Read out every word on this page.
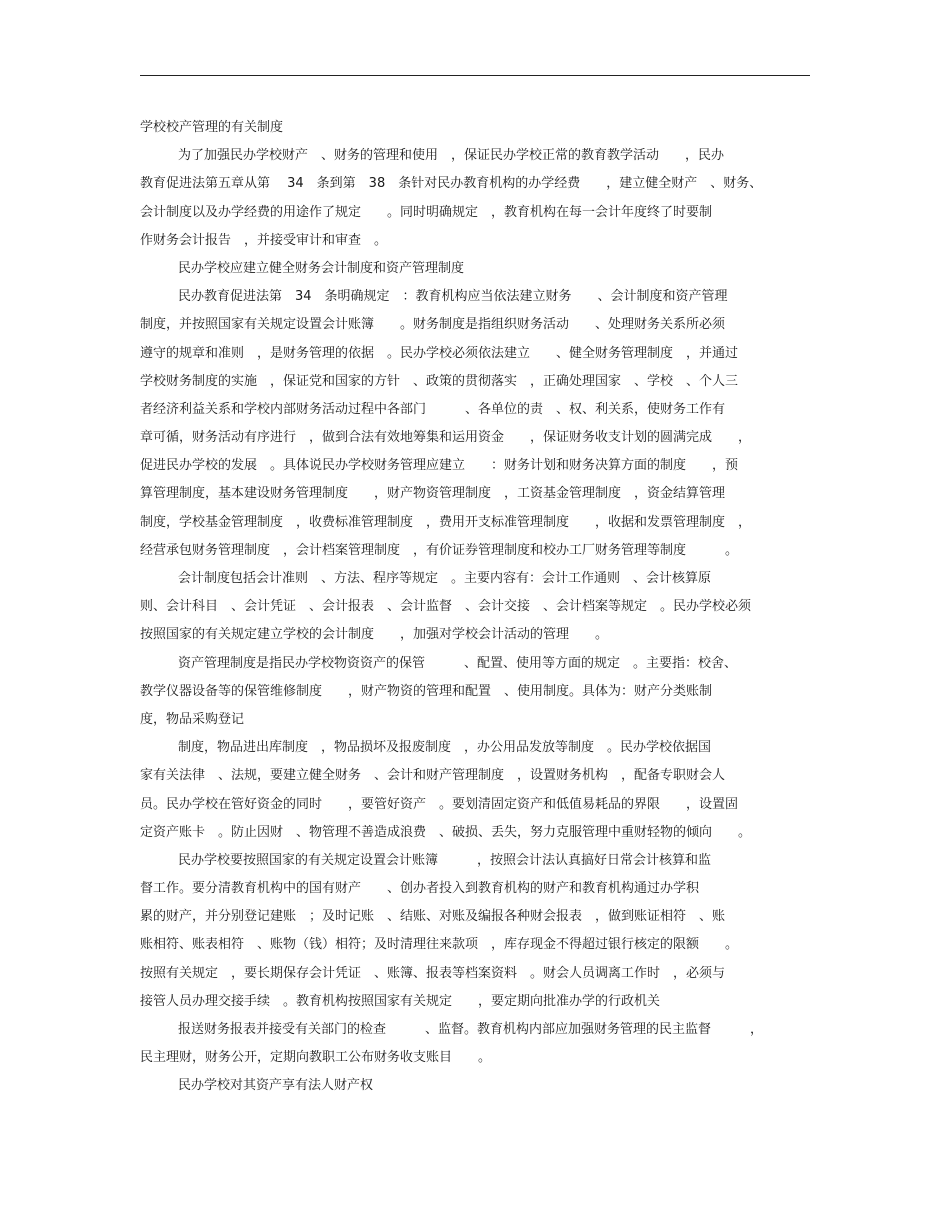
学校校产管理的有关制度
为了加强民办学校财产　、财务的管理和使用　，保证民办学校正常的教育教学活动　　，民办
教育促进法第五章从第　 34　条到第　38　条针对民办教育机构的办学经费　　，建立健全财产　、财务、
会计制度以及办学经费的用途作了规定　　。同时明确规定　，教育机构在每一会计年度终了时要制
作财务会计报告　，并接受审计和审查　。
民办学校应建立健全财务会计制度和资产管理制度
民办教育促进法第　34　条明确规定　：教育机构应当依法建立财务　　、会计制度和资产管理
制度，并按照国家有关规定设置会计账簿　　。财务制度是指组织财务活动　　、处理财务关系所必须
遵守的规章和准则　，是财务管理的依据　。民办学校必须依法建立　　、健全财务管理制度　，并通过
学校财务制度的实施　，保证党和国家的方针　、政策的贯彻落实　，正确处理国家　、学校　、个人三
者经济利益关系和学校内部财务活动过程中各部门　　　、各单位的责　、权、利关系，使财务工作有
章可循，财务活动有序进行　，做到合法有效地筹集和运用资金　　，保证财务收支计划的圆满完成　　，
促进民办学校的发展　。具体说民办学校财务管理应建立　　：财务计划和财务决算方面的制度　　，预
算管理制度，基本建设财务管理制度　　，财产物资管理制度　，工资基金管理制度　，资金结算管理
制度，学校基金管理制度　，收费标准管理制度　，费用开支标准管理制度　　，收据和发票管理制度　，
经营承包财务管理制度　，会计档案管理制度　，有价证券管理制度和校办工厂财务管理等制度　　　。
会计制度包括会计准则　、方法、程序等规定　。主要内容有：会计工作通则　、会计核算原
则、会计科目　、会计凭证　、会计报表　、会计监督　、会计交接　、会计档案等规定　。民办学校必须
按照国家的有关规定建立学校的会计制度　　，加强对学校会计活动的管理　　。
资产管理制度是指民办学校物资资产的保管　　　、配置、使用等方面的规定　。主要指：校舍、
教学仪器设备等的保管维修制度　　，财产物资的管理和配置　、使用制度。具体为：财产分类账制
度，物品采购登记
制度，物品进出库制度　，物品损坏及报废制度　，办公用品发放等制度　。民办学校依据国
家有关法律　、法规，要建立健全财务　、会计和财产管理制度　，设置财务机构　，配备专职财会人
员。民办学校在管好资金的同时　　，要管好资产　。要划清固定资产和低值易耗品的界限　　，设置固
定资产账卡　。防止因财　、物管理不善造成浪费　、破损、丢失，努力克服管理中重财轻物的倾向　　。
民办学校要按照国家的有关规定设置会计账簿　　　，按照会计法认真搞好日常会计核算和监
督工作。要分清教育机构中的国有财产　　、创办者投入到教育机构的财产和教育机构通过办学积
累的财产，并分别登记建账　；及时记账　、结账、对账及编报各种财会报表　，做到账证相符　、账
账相符、账表相符　、账物（钱）相符；及时清理往来款项　，库存现金不得超过银行核定的限额　　。
按照有关规定　，要长期保存会计凭证　、账簿、报表等档案资料　。财会人员调离工作时　，必须与
接管人员办理交接手续　。教育机构按照国家有关规定　　，要定期向批准办学的行政机关
报送财务报表并接受有关部门的检查　　　、监督。教育机构内部应加强财务管理的民主监督　　　，
民主理财，财务公开，定期向教职工公布财务收支账目　　。
民办学校对其资产享有法人财产权
